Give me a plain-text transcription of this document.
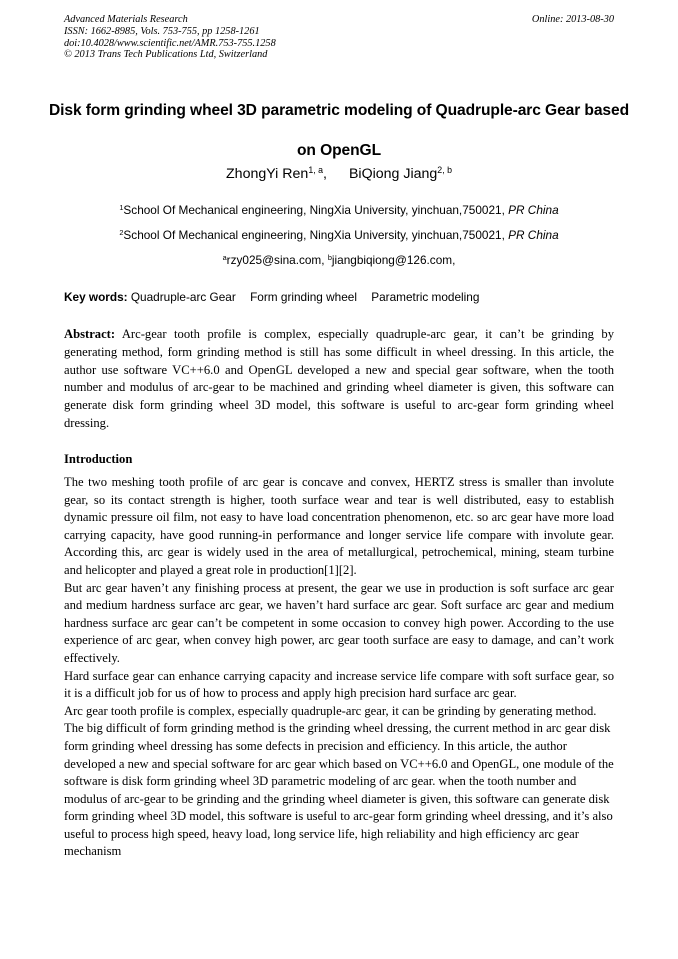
Advanced Materials Research
ISSN: 1662-8985, Vols. 753-755, pp 1258-1261
doi:10.4028/www.scientific.net/AMR.753-755.1258
© 2013 Trans Tech Publications Ltd, Switzerland
Online: 2013-08-30
Disk form grinding wheel 3D parametric modeling of Quadruple-arc Gear based on OpenGL
ZhongYi Ren$^{1, a}$, BiQiong Jiang$^{2, b}$
$^1$School Of Mechanical engineering, NingXia University, yinchuan,750021, PR China
$^2$School Of Mechanical engineering, NingXia University, yinchuan,750021, PR China
$^a$rzy025@sina.com, $^b$jiangbiqiong@126.com,
Key words: Quadruple-arc Gear Form grinding wheel Parametric modeling

Abstract: Arc-gear tooth profile is complex, especially quadruple-arc gear, it can’t be grinding by generating method, form grinding method is still has some difficult in wheel dressing. In this article, the author use software VC++6.0 and OpenGL developed a new and special gear software, when the tooth number and modulus of arc-gear to be machined and grinding wheel diameter is given, this software can generate disk form grinding wheel 3D model, this software is useful to arc-gear form grinding wheel dressing.

Introduction

The two meshing tooth profile of arc gear is concave and convex, HERTZ stress is smaller than involute gear, so its contact strength is higher, tooth surface wear and tear is well distributed, easy to establish dynamic pressure oil film, not easy to have load concentration phenomenon, etc. so arc gear have more load carrying capacity, have good running-in performance and longer service life compare with involute gear. According this, arc gear is widely used in the area of metallurgical, petrochemical, mining, steam turbine and helicopter and played a great role in production[1][2].

But arc gear haven’t any finishing process at present, the gear we use in production is soft surface arc gear and medium hardness surface arc gear, we haven’t hard surface arc gear. Soft surface arc gear and medium hardness surface arc gear can’t be competent in some occasion to convey high power. According to the use experience of arc gear, when convey high power, arc gear tooth surface are easy to damage, and can’t work effectively.

Hard surface gear can enhance carrying capacity and increase service life compare with soft surface gear, so it is a difficult job for us of how to process and apply high precision hard surface arc gear.

Arc gear tooth profile is complex, especially quadruple-arc gear, it can be grinding by generating method. The big difficult of form grinding method is the grinding wheel dressing, the current method in arc gear disk form grinding wheel dressing has some defects in precision and efficiency. In this article, the author developed a new and special software for arc gear which based on VC++6.0 and OpenGL, one module of the software is disk form grinding wheel 3D parametric modeling of arc gear. when the tooth number and modulus of arc-gear to be grinding and the grinding wheel diameter is given, this software can generate disk form grinding wheel 3D model, this software is useful to arc-gear form grinding wheel dressing, and it’s also useful to process high speed, heavy load, long service life, high reliability and high efficiency arc gear mechanism
